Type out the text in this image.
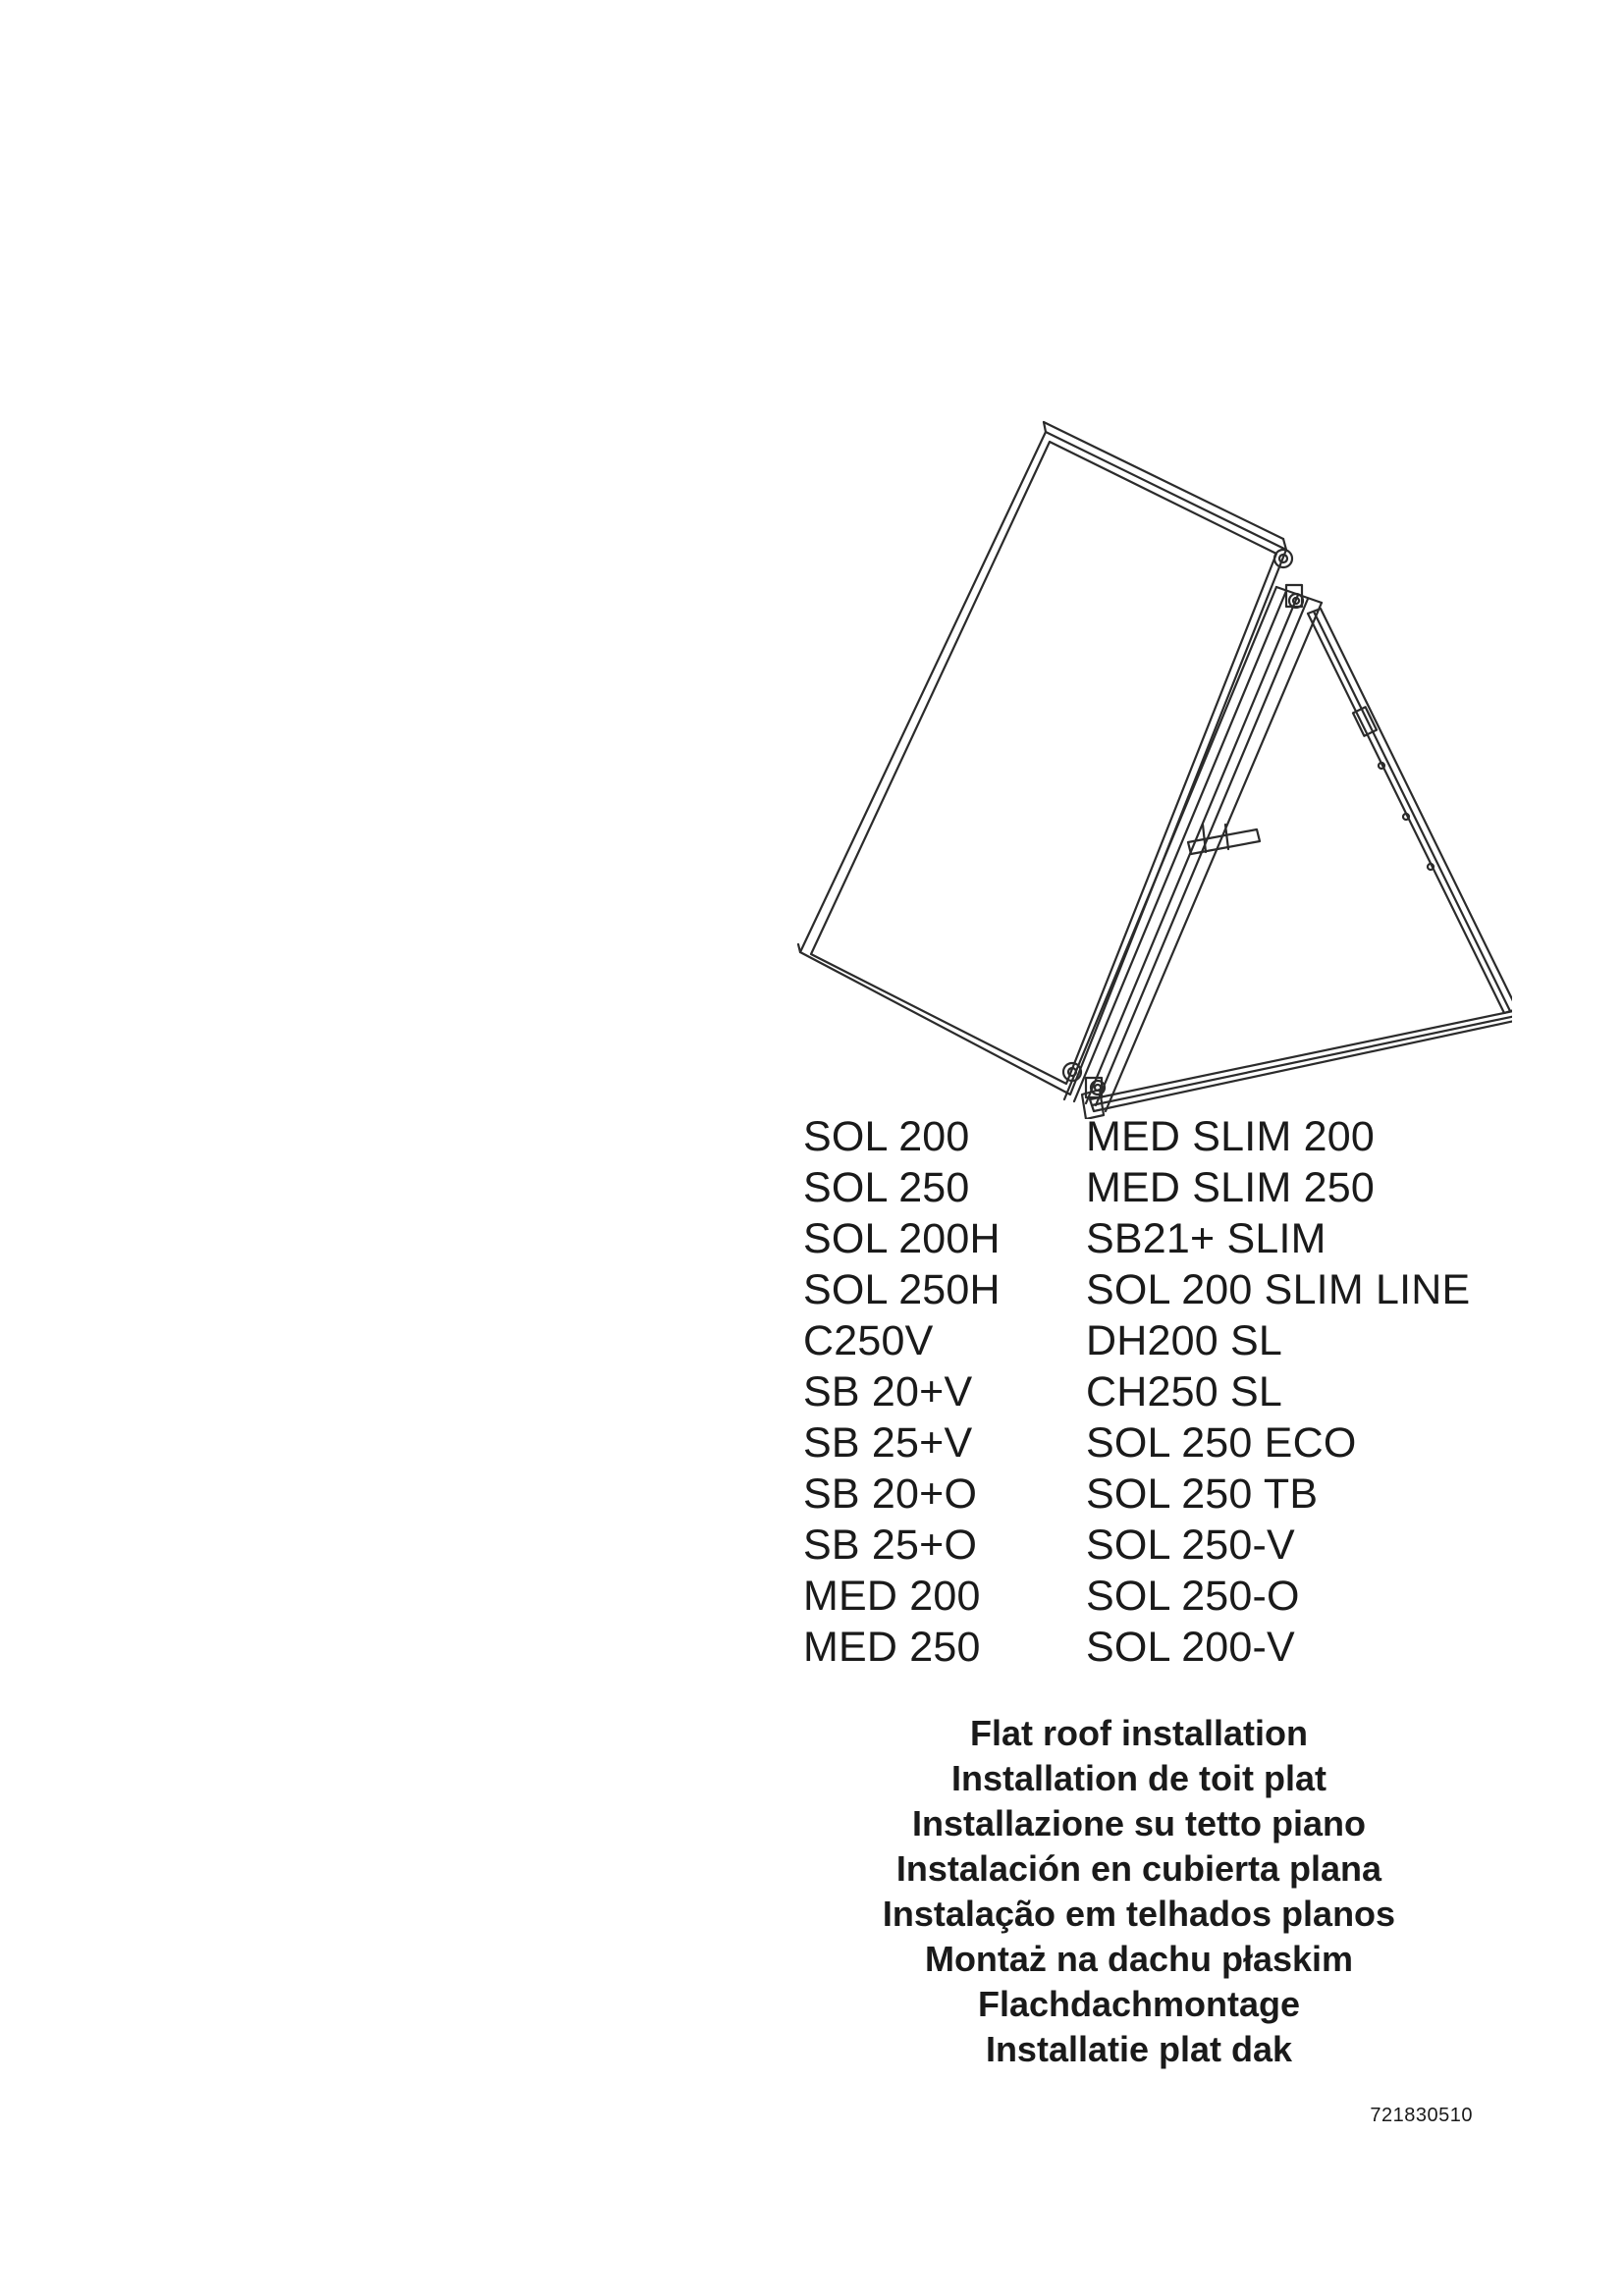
SOL 200
SOL 250
SOL 200H
SOL 250H
C250V
SB 20+V
SB 25+V
SB 20+O
SB 25+O
MED 200
MED 250
MED SLIM 200
MED SLIM 250
SB21+ SLIM
SOL 200 SLIM LINE
DH200 SL
CH250 SL
SOL 250 ECO
SOL 250 TB
SOL 250-V
SOL 250-O
SOL 200-V
Flat roof installation
Installation de toit plat
Installazione su tetto piano
Instalación en cubierta plana
Instalação em telhados planos
Montaż na dachu płaskim
Flachdachmontage
Installatie plat dak
721830510
